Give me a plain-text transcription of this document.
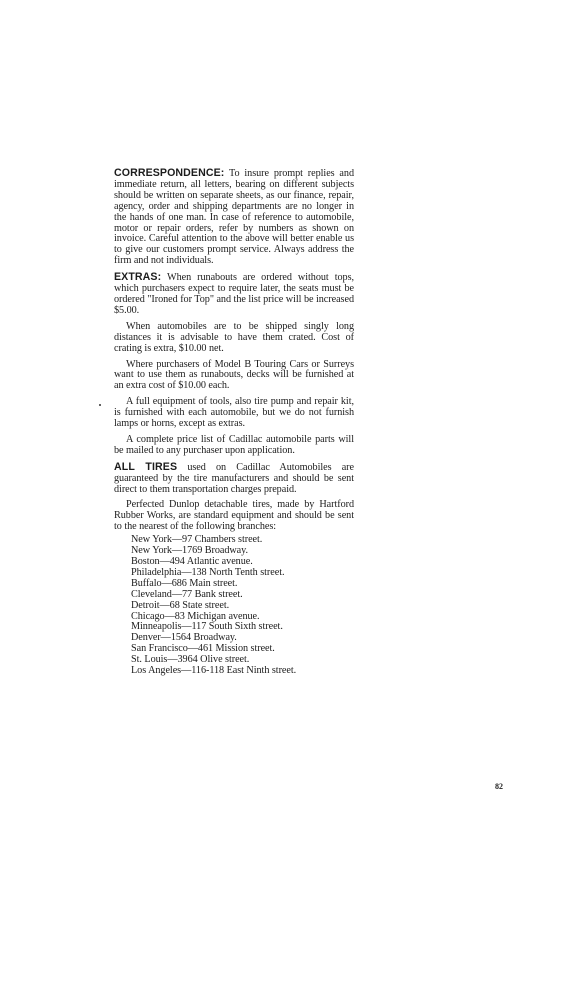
CORRESPONDENCE: To insure prompt replies and immediate return, all letters, bearing on different subjects should be written on separate sheets, as our finance, repair, agency, order and shipping departments are no longer in the hands of one man. In case of reference to automobile, motor or repair orders, refer by numbers as shown on invoice. Careful attention to the above will better enable us to give our customers prompt service. Always address the firm and not individuals.

EXTRAS: When runabouts are ordered without tops, which purchasers expect to require later, the seats must be ordered "Ironed for Top" and the list price will be increased $5.00.

When automobiles are to be shipped singly long distances it is advisable to have them crated. Cost of crating is extra, $10.00 net.

Where purchasers of Model B Touring Cars or Surreys want to use them as runabouts, decks will be furnished at an extra cost of $10.00 each.

A full equipment of tools, also tire pump and repair kit, is furnished with each automobile, but we do not furnish lamps or horns, except as extras.

A complete price list of Cadillac automobile parts will be mailed to any purchaser upon application.

ALL TIRES used on Cadillac Automobiles are guaranteed by the tire manufacturers and should be sent direct to them transportation charges prepaid.

Perfected Dunlop detachable tires, made by Hartford Rubber Works, are standard equipment and should be sent to the nearest of the following branches:

New York—97 Chambers street.
New York—1769 Broadway.
Boston—494 Atlantic avenue.
Philadelphia—138 North Tenth street.
Buffalo—686 Main street.
Cleveland—77 Bank street.
Detroit—68 State street.
Chicago—83 Michigan avenue.
Minneapolis—117 South Sixth street.
Denver—1564 Broadway.
San Francisco—461 Mission street.
St. Louis—3964 Olive street.
Los Angeles—116-118 East Ninth street.
82
